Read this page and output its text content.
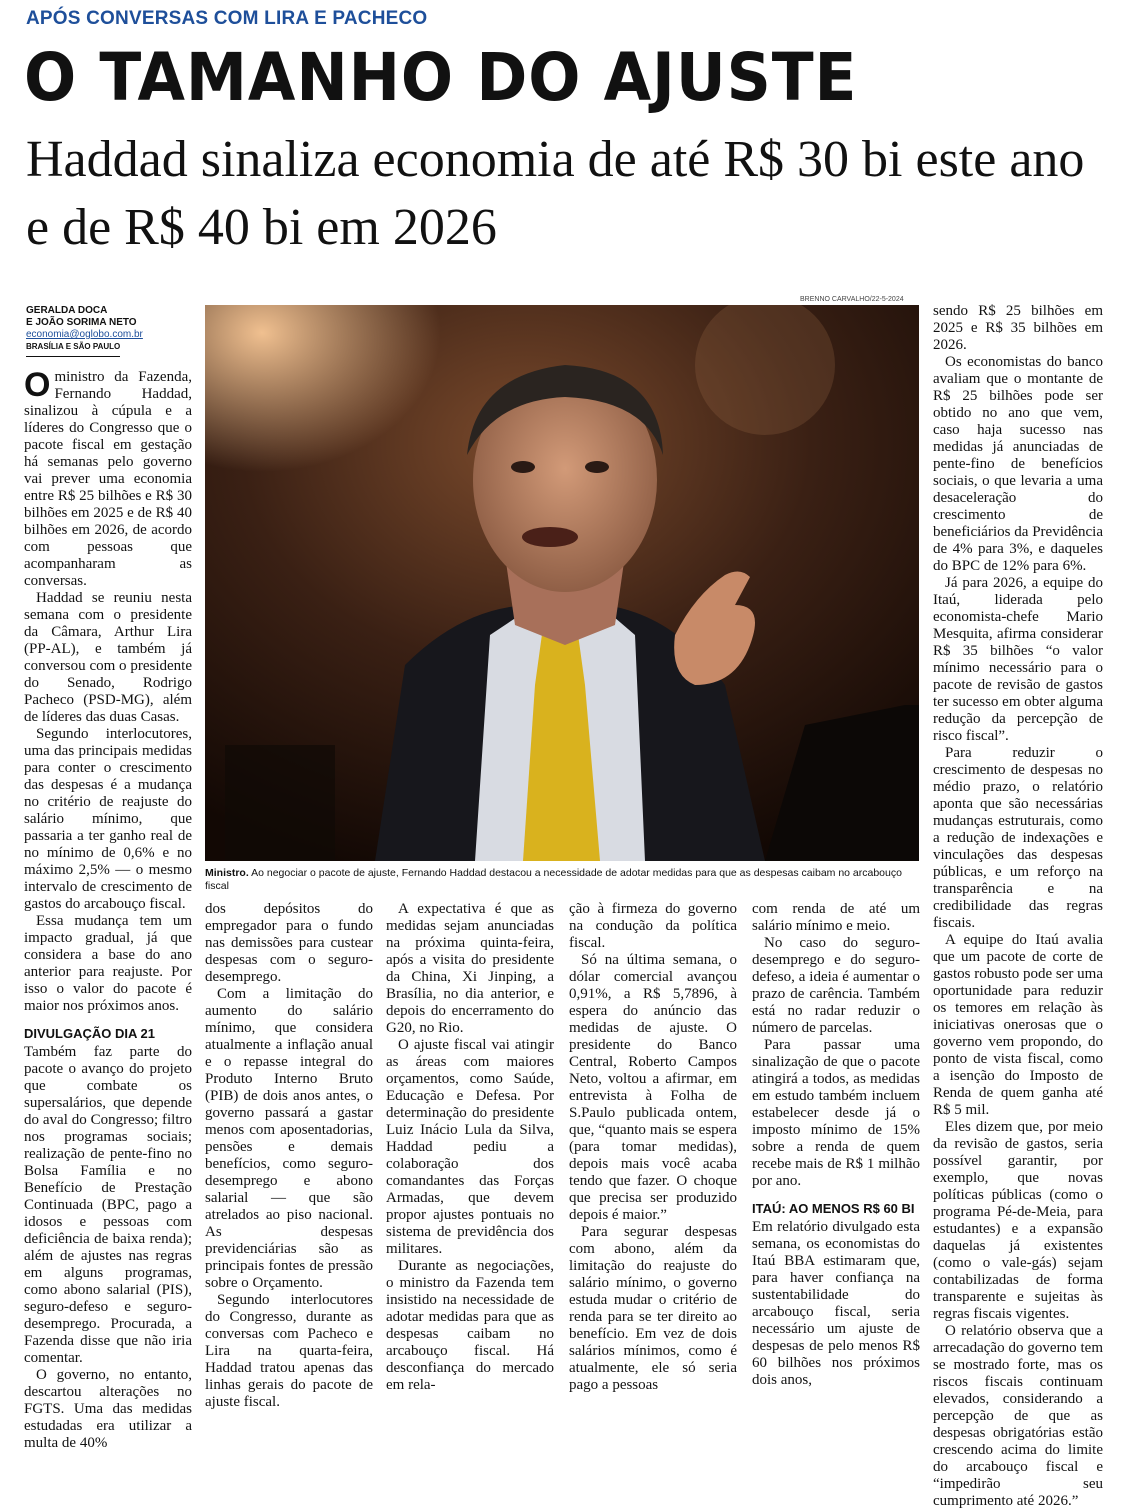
APÓS CONVERSAS COM LIRA E PACHECO
O TAMANHO DO AJUSTE
Haddad sinaliza economia de até R$ 30 bi este ano e de R$ 40 bi em 2026
GERALDA DOCA
E JOÃO SORIMA NETO
economia@oglobo.com.br
BRASÍLIA E SÃO PAULO
BRENNO CARVALHO/22-5-2024
Ministro. Ao negociar o pacote de ajuste, Fernando Haddad destacou a necessidade de adotar medidas para que as despesas caibam no arcabouço fiscal

Oministro da Fazenda, Fernando Haddad, sinalizou à cúpula e a líderes do Congresso que o pacote fiscal em gestação há semanas pelo governo vai prever uma economia entre R$ 25 bilhões e R$ 30 bilhões em 2025 e de R$ 40 bilhões em 2026, de acordo com pessoas que acompanharam as conversas.

Haddad se reuniu nesta semana com o presidente da Câmara, Arthur Lira (PP-AL), e também já conversou com o presidente do Senado, Rodrigo Pacheco (PSD-MG), além de líderes das duas Casas.

Segundo interlocutores, uma das principais medidas para conter o crescimento das despesas é a mudança no critério de reajuste do salário mínimo, que passaria a ter ganho real de no mínimo de 0,6% e no máximo 2,5% — o mesmo intervalo de crescimento de gastos do arcabouço fiscal.

Essa mudança tem um impacto gradual, já que considera a base do ano anterior para reajuste. Por isso o valor do pacote é maior nos próximos anos.

DIVULGAÇÃO DIA 21

Também faz parte do pacote o avanço do projeto que combate os supersalários, que depende do aval do Congresso; filtro nos programas sociais; realização de pente-fino no Bolsa Família e no Benefício de Prestação Continuada (BPC, pago a idosos e pessoas com deficiência de baixa renda); além de ajustes nas regras em alguns programas, como abono salarial (PIS), seguro-defeso e seguro-desemprego. Procurada, a Fazenda disse que não iria comentar.

O governo, no entanto, descartou alterações no FGTS. Uma das medidas estudadas era utilizar a multa de 40%

dos depósitos do empregador para o fundo nas demissões para custear despesas com o seguro-desemprego.

Com a limitação do aumento do salário mínimo, que considera atualmente a inflação anual e o repasse integral do Produto Interno Bruto (PIB) de dois anos antes, o governo passará a gastar menos com aposentadorias, pensões e demais benefícios, como seguro-desemprego e abono salarial — que são atrelados ao piso nacional. As despesas previdenciárias são as principais fontes de pressão sobre o Orçamento.

Segundo interlocutores do Congresso, durante as conversas com Pacheco e Lira na quarta-feira, Haddad tratou apenas das linhas gerais do pacote de ajuste fiscal.

A expectativa é que as medidas sejam anunciadas na próxima quinta-feira, após a visita do presidente da China, Xi Jinping, a Brasília, no dia anterior, e depois do encerramento do G20, no Rio.

O ajuste fiscal vai atingir as áreas com maiores orçamentos, como Saúde, Educação e Defesa. Por determinação do presidente Luiz Inácio Lula da Silva, Haddad pediu a colaboração dos comandantes das Forças Armadas, que devem propor ajustes pontuais no sistema de previdência dos militares.

Durante as negociações, o ministro da Fazenda tem insistido na necessidade de adotar medidas para que as despesas caibam no arcabouço fiscal. Há desconfiança do mercado em rela-

ção à firmeza do governo na condução da política fiscal.

Só na última semana, o dólar comercial avançou 0,91%, a R$ 5,7896, à espera do anúncio das medidas de ajuste. O presidente do Banco Central, Roberto Campos Neto, voltou a afirmar, em entrevista à Folha de S.Paulo publicada ontem, que, “quanto mais se espera (para tomar medidas), depois mais você acaba tendo que fazer. O choque que precisa ser produzido depois é maior.”

Para segurar despesas com abono, além da limitação do reajuste do salário mínimo, o governo estuda mudar o critério de renda para se ter direito ao benefício. Em vez de dois salários mínimos, como é atualmente, ele só seria pago a pessoas

com renda de até um salário mínimo e meio.

No caso do seguro-desemprego e do seguro-defeso, a ideia é aumentar o prazo de carência. Também está no radar reduzir o número de parcelas.

Para passar uma sinalização de que o pacote atingirá a todos, as medidas em estudo também incluem estabelecer desde já o imposto mínimo de 15% sobre a renda de quem recebe mais de R$ 1 milhão por ano.

ITAÚ: AO MENOS R$ 60 BI

Em relatório divulgado esta semana, os economistas do Itaú BBA estimaram que, para haver confiança na sustentabilidade do arcabouço fiscal, seria necessário um ajuste de despesas de pelo menos R$ 60 bilhões nos próximos dois anos,

sendo R$ 25 bilhões em 2025 e R$ 35 bilhões em 2026.

Os economistas do banco avaliam que o montante de R$ 25 bilhões pode ser obtido no ano que vem, caso haja sucesso nas medidas já anunciadas de pente-fino de benefícios sociais, o que levaria a uma desaceleração do crescimento de beneficiários da Previdência de 4% para 3%, e daqueles do BPC de 12% para 6%.

Já para 2026, a equipe do Itaú, liderada pelo economista-chefe Mario Mesquita, afirma considerar R$ 35 bilhões “o valor mínimo necessário para o pacote de revisão de gastos ter sucesso em obter alguma redução da percepção de risco fiscal”.

Para reduzir o crescimento de despesas no médio prazo, o relatório aponta que são necessárias mudanças estruturais, como a redução de indexações e vinculações das despesas públicas, e um reforço na transparência e na credibilidade das regras fiscais.

A equipe do Itaú avalia que um pacote de corte de gastos robusto pode ser uma oportunidade para reduzir os temores em relação às iniciativas onerosas que o governo vem propondo, do ponto de vista fiscal, como a isenção do Imposto de Renda de quem ganha até R$ 5 mil.

Eles dizem que, por meio da revisão de gastos, seria possível garantir, por exemplo, que novas políticas públicas (como o programa Pé-de-Meia, para estudantes) e a expansão daquelas já existentes (como o vale-gás) sejam contabilizadas de forma transparente e sujeitas às regras fiscais vigentes.

O relatório observa que a arrecadação do governo tem se mostrado forte, mas os riscos fiscais continuam elevados, considerando a percepção de que as despesas obrigatórias estão crescendo acima do limite do arcabouço fiscal e “impedirão seu cumprimento até 2026.”
